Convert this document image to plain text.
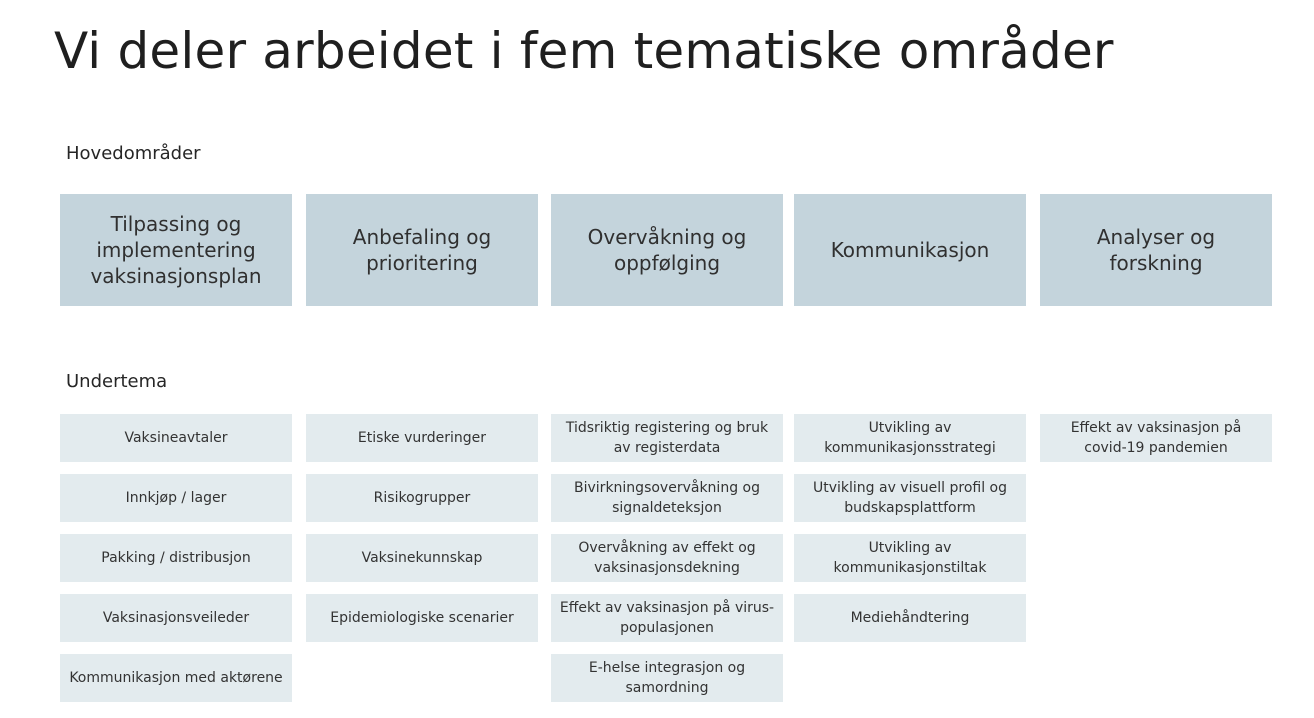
Vi deler arbeidet i fem tematiske områder
Hovedområder
Undertema
Tilpassing og implementering vaksinasjonsplan
Vaksineavtaler
Innkjøp / lager
Pakking / distribusjon
Vaksinasjonsveileder
Kommunikasjon med aktørene
Anbefaling og prioritering
Etiske vurderinger
Risikogrupper
Vaksinekunnskap
Epidemiologiske scenarier
Overvåkning og oppfølging
Tidsriktig registering og bruk av registerdata
Bivirkningsovervåkning og signaldeteksjon
Overvåkning av effekt og vaksinasjonsdekning
Effekt av vaksinasjon på virus-populasjonen
E-helse integrasjon og samordning
Kommunikasjon
Utvikling av kommunikasjonsstrategi
Utvikling av visuell profil og budskapsplattform
Utvikling av kommunikasjonstiltak
Mediehåndtering
Analyser og forskning
Effekt av vaksinasjon på covid-19 pandemien
